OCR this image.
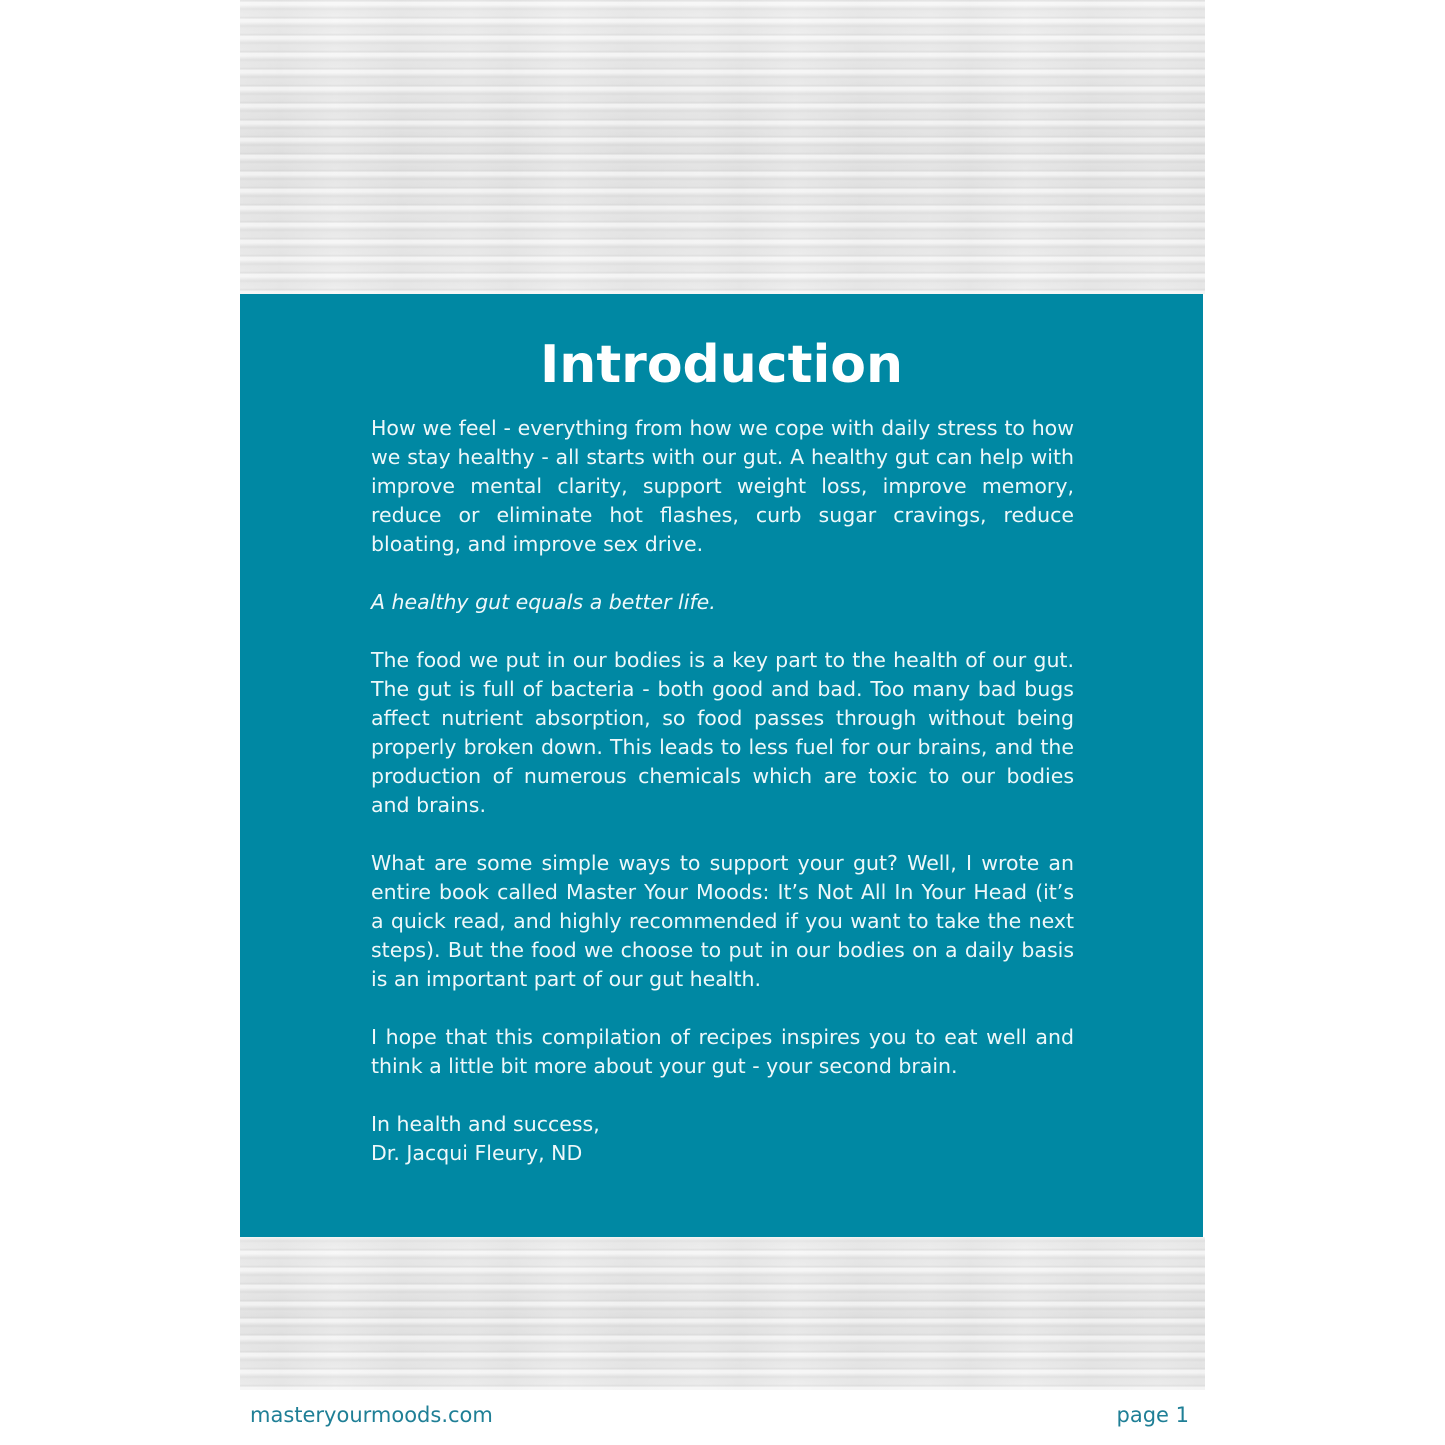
Introduction

How we feel - everything from how we cope with daily stress to how we stay healthy - all starts with our gut. A healthy gut can help with improve mental clarity, support weight loss, improve memory, reduce or eliminate hot flashes, curb sugar cravings, reduce bloating, and improve sex drive.

A healthy gut equals a better life.

The food we put in our bodies is a key part to the health of our gut. The gut is full of bacteria - both good and bad. Too many bad bugs affect nutrient absorption, so food passes through without being properly broken down. This leads to less fuel for our brains, and the production of numerous chemicals which are toxic to our bodies and brains.

What are some simple ways to support your gut? Well, I wrote an entire book called Master Your Moods: It’s Not All In Your Head (it’s a quick read, and highly recommended if you want to take the next steps). But the food we choose to put in our bodies on a daily basis is an important part of our gut health.

I hope that this compilation of recipes inspires you to eat well and think a little bit more about your gut - your second brain.

In health and success,

Dr. Jacqui Fleury, ND

masteryourmoods.com	page 1
